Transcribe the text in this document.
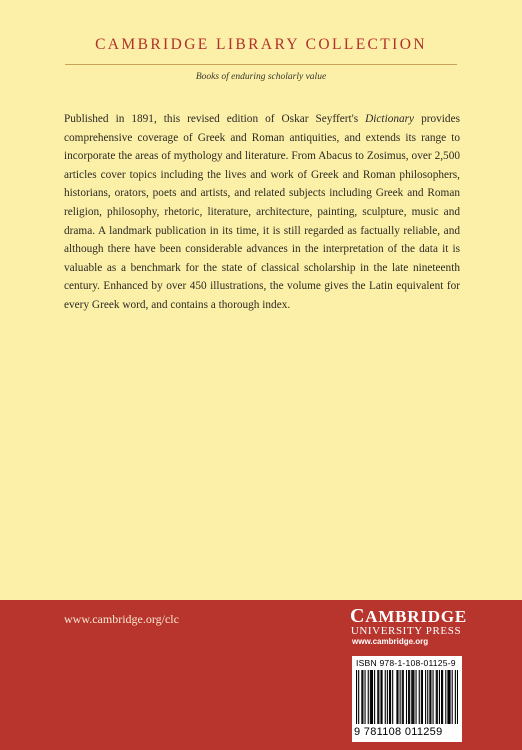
CAMBRIDGE LIBRARY COLLECTION
Books of enduring scholarly value

Published in 1891, this revised edition of Oskar Seyffert's Dictionary provides comprehensive coverage of Greek and Roman antiquities, and extends its range to incorporate the areas of mythology and literature. From Abacus to Zosimus, over 2,500 articles cover topics including the lives and work of Greek and Roman philosophers, historians, orators, poets and artists, and related subjects including Greek and Roman religion, philosophy, rhetoric, literature, architecture, painting, sculpture, music and drama. A landmark publication in its time, it is still regarded as factually reliable, and although there have been considerable advances in the interpretation of the data it is valuable as a benchmark for the state of classical scholarship in the late nineteenth century. Enhanced by over 450 illustrations, the volume gives the Latin equivalent for every Greek word, and contains a thorough index.

www.cambridge.org/clc	CAMBRIDGE
UNIVERSITY PRESS
www.cambridge.org
ISBN 978-1-108-01125-9
9 781108 011259
